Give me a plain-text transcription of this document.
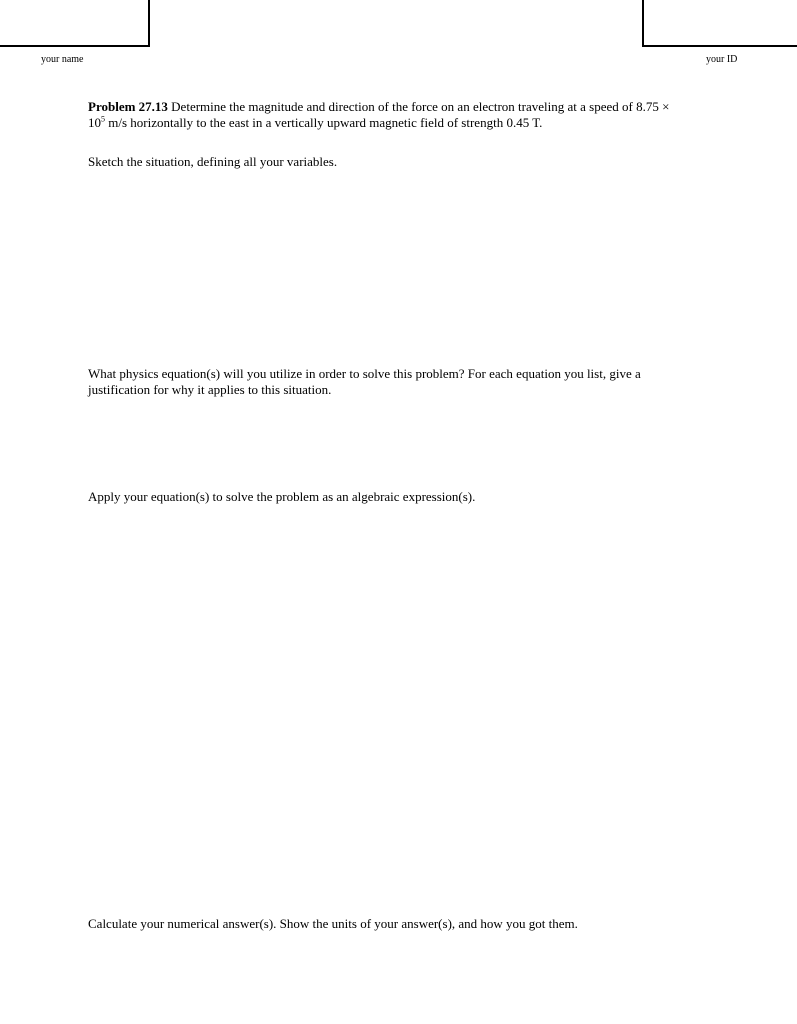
your name	your ID
Problem 27.13 Determine the magnitude and direction of the force on an electron traveling at a speed of 8.75 ×
$10^5$ m/s horizontally to the east in a vertically upward magnetic field of strength 0.45 T.
Sketch the situation, defining all your variables.
What physics equation(s) will you utilize in order to solve this problem? For each equation you list, give a justification for why it applies to this situation.
Apply your equation(s) to solve the problem as an algebraic expression(s).
Calculate your numerical answer(s). Show the units of your answer(s), and how you got them.
